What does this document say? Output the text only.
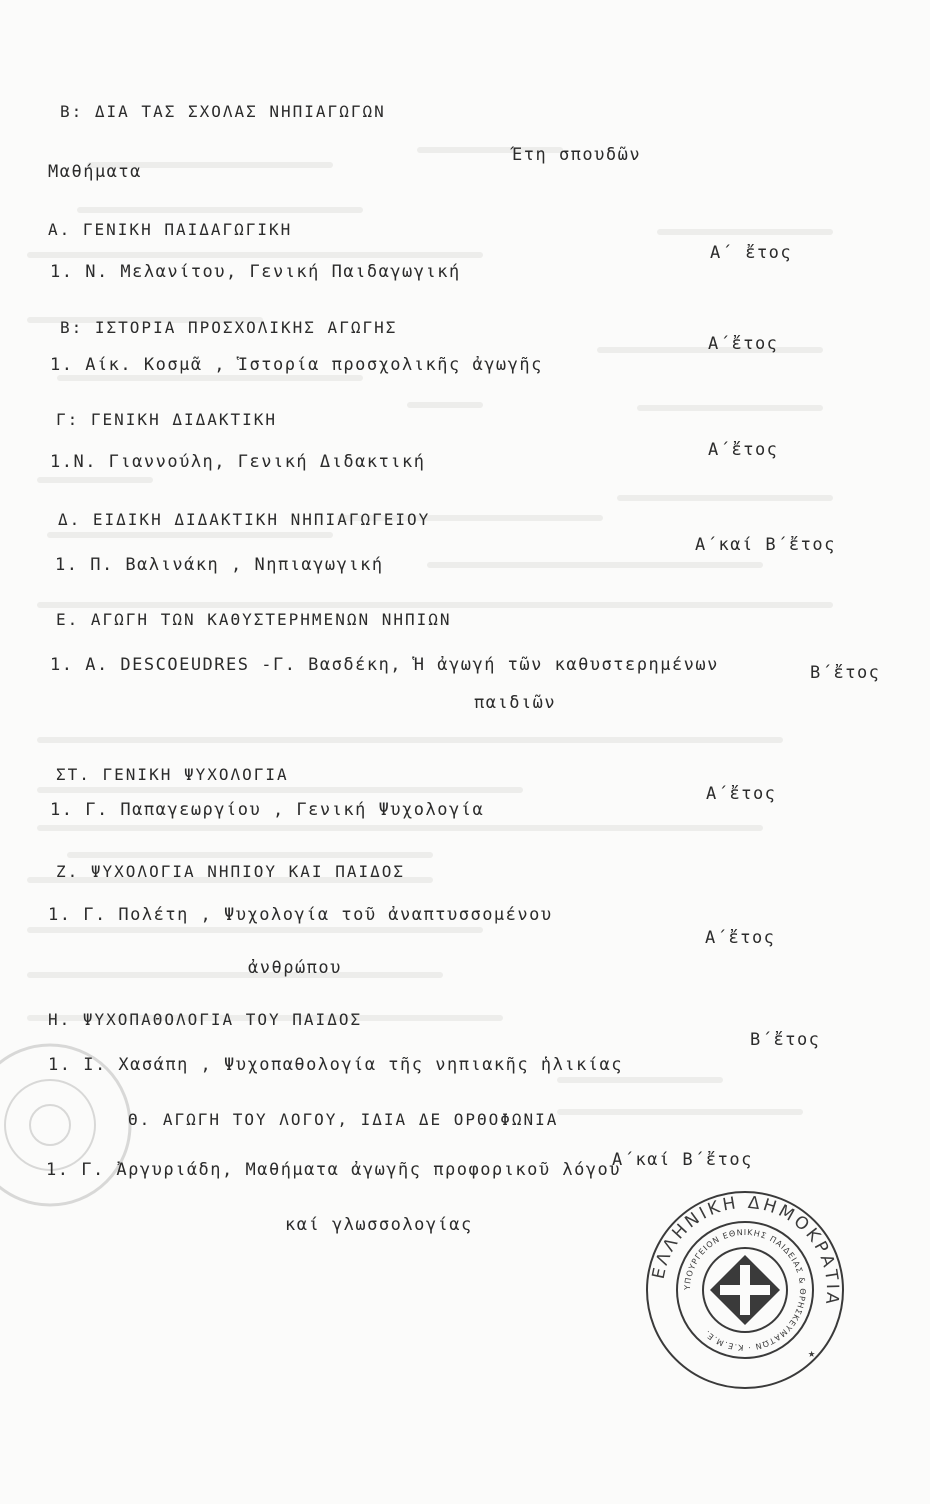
Β: ΔΙΑ ΤΑΣ ΣΧΟΛΑΣ ΝΗΠΙΑΓΩΓΩΝ
Μαθήματα
Έτη σπουδῶν
Α. ΓΕΝΙΚΗ ΠΑΙΔΑΓΩΓΙΚΗ
1. Ν. Μελανίτου, Γενική Παιδαγωγική
Α΄ ἔτος
Β: ΙΣΤΟΡΙΑ ΠΡΟΣΧΟΛΙΚΗΣ ΑΓΩΓΗΣ
1. Αίκ. Κοσμᾶ , Ἱστορία προσχολικῆς ἀγωγῆς
Α΄ἔτος
Γ: ΓΕΝΙΚΗ ΔΙΔΑΚΤΙΚΗ
1.Ν. Γιαννούλη, Γενική Διδακτική
Α΄ἔτος
Δ. ΕΙΔΙΚΗ ΔΙΔΑΚΤΙΚΗ ΝΗΠΙΑΓΩΓΕΙΟΥ
1. Π. Βαλινάκη , Νηπιαγωγική
Α΄καί Β΄ἔτος
Ε. ΑΓΩΓΗ ΤΩΝ ΚΑΘΥΣΤΕΡΗΜΕΝΩΝ ΝΗΠΙΩΝ
1. A. DESCOEUDRES -Γ. Βασδέκη, Ἡ ἀγωγή τῶν καθυστερημένων
παιδιῶν
Β΄ἔτος
ΣΤ. ΓΕΝΙΚΗ ΨΥΧΟΛΟΓΙΑ
1. Γ. Παπαγεωργίου , Γενική Ψυχολογία
Α΄ἔτος
Ζ. ΨΥΧΟΛΟΓΙΑ ΝΗΠΙΟΥ ΚΑΙ ΠΑΙΔΟΣ
1. Γ. Πολέτη , Ψυχολογία τοῦ ἀναπτυσσομένου
ἀνθρώπου
Α΄ἔτος
Η. ΨΥΧΟΠΑΘΟΛΟΓΙΑ ΤΟΥ ΠΑΙΔΟΣ
1. Ι. Χασάπη , Ψυχοπαθολογία τῆς νηπιακῆς ἡλικίας
Β΄ἔτος
Θ. ΑΓΩΓΗ ΤΟΥ ΛΟΓΟΥ, ΙΔΙΑ ΔΕ ΟΡΘΟΦΩΝΙΑ
1. Γ. Ἀργυριάδη, Μαθήματα ἀγωγῆς προφορικοῦ λόγου
καί γλωσσολογίας
Α΄καί Β΄ἔτος
ΕΛΛΗΝΙΚΗ ΔΗΜΟΚΡΑΤΙΑ
ΥΠΟΥΡΓΕΙΟΝ ΕΘΝΙΚΗΣ ΠΑΙΔΕΙΑΣ & ΘΡΗΣΚΕΥΜΑΤΩΝ · Κ.Ε.Μ.Ε.
★
